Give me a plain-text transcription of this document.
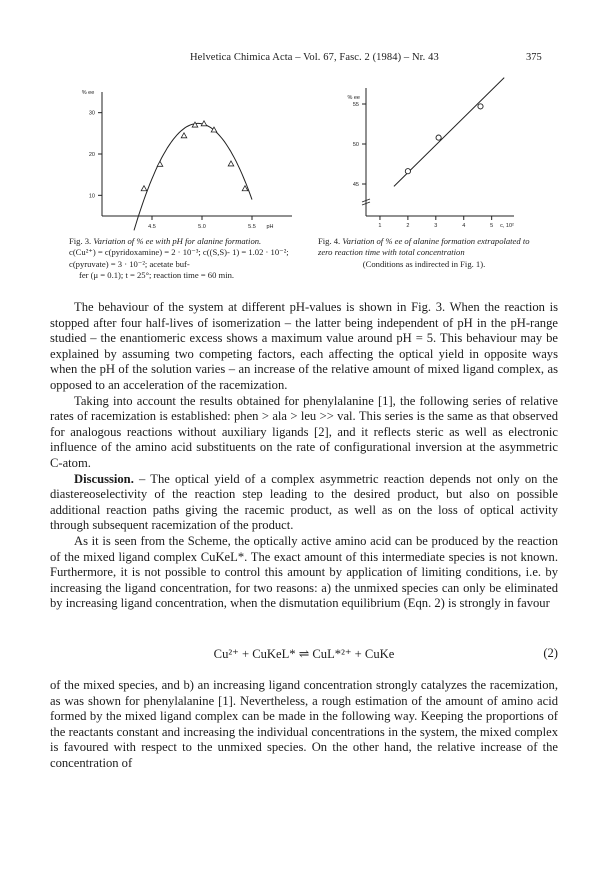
Helvetica Chimica Acta – Vol. 67, Fasc. 2 (1984) – Nr. 43	375
% ee
10
20
30
4.5	5.0	5.5 pH
% ee
45
50
55
1	2	3	4	5 c, 10²
Fig. 3. Variation of % ee with pH for alanine formation. c(Cu²⁺) = c(pyridoxamine) = 2 · 10⁻³; c((S,S)- 1) = 1.02 · 10⁻²; c(pyruvate) = 3 · 10⁻²; acetate buf-
fer (μ = 0.1); t = 25°; reaction time = 60 min.
Fig. 4. Variation of % ee of alanine formation extrapolated to zero reaction time with total concentration
(Conditions as indirected in Fig. 1).

The behaviour of the system at different pH-values is shown in Fig. 3. When the reaction is stopped after four half-lives of isomerization – the latter being independent of pH in the pH-range studied – the enantiomeric excess shows a maximum value around pH = 5. This behaviour may be explained by assuming two competing factors, each affecting the optical yield in opposite ways when the pH of the solution varies – an increase of the relative amount of mixed ligand complex, as opposed to an acceleration of the racemization.

Taking into account the results obtained for phenylalanine [1], the following series of relative rates of racemization is established: phen > ala > leu >> val. This series is the same as that observed for analogous reactions without auxiliary ligands [2], and it reflects steric as well as electronic influence of the amino acid substituents on the rate of configurational inversion at the asymmetric C-atom.

Discussion. – The optical yield of a complex asymmetric reaction depends not only on the diastereoselectivity of the reaction step leading to the desired product, but also on possible additional reaction paths giving the racemic product, as well as on the loss of optical activity through subsequent racemization of the product.

As it is seen from the Scheme, the optically active amino acid can be produced by the reaction of the mixed ligand complex CuKeL*. The exact amount of this intermediate species is not known. Furthermore, it is not possible to control this amount by application of limiting conditions, i.e. by increasing the ligand concentration, for two reasons: a) the unmixed species can only be eliminated by increasing ligand concentration, when the dismutation equilibrium (Eqn. 2) is strongly in favour

Cu²⁺ + CuKeL* ⇌ CuL*²⁺ + CuKe	(2)

of the mixed species, and b) an increasing ligand concentration strongly catalyzes the racemization, as was shown for phenylalanine [1]. Nevertheless, a rough estimation of the amount of amino acid formed by the mixed ligand complex can be made in the following way. Keeping the proportions of the reactants constant and increasing the individual concentrations in the system, the mixed complex is favoured with respect to the unmixed species. On the other hand, the relative increase of the concentration of
